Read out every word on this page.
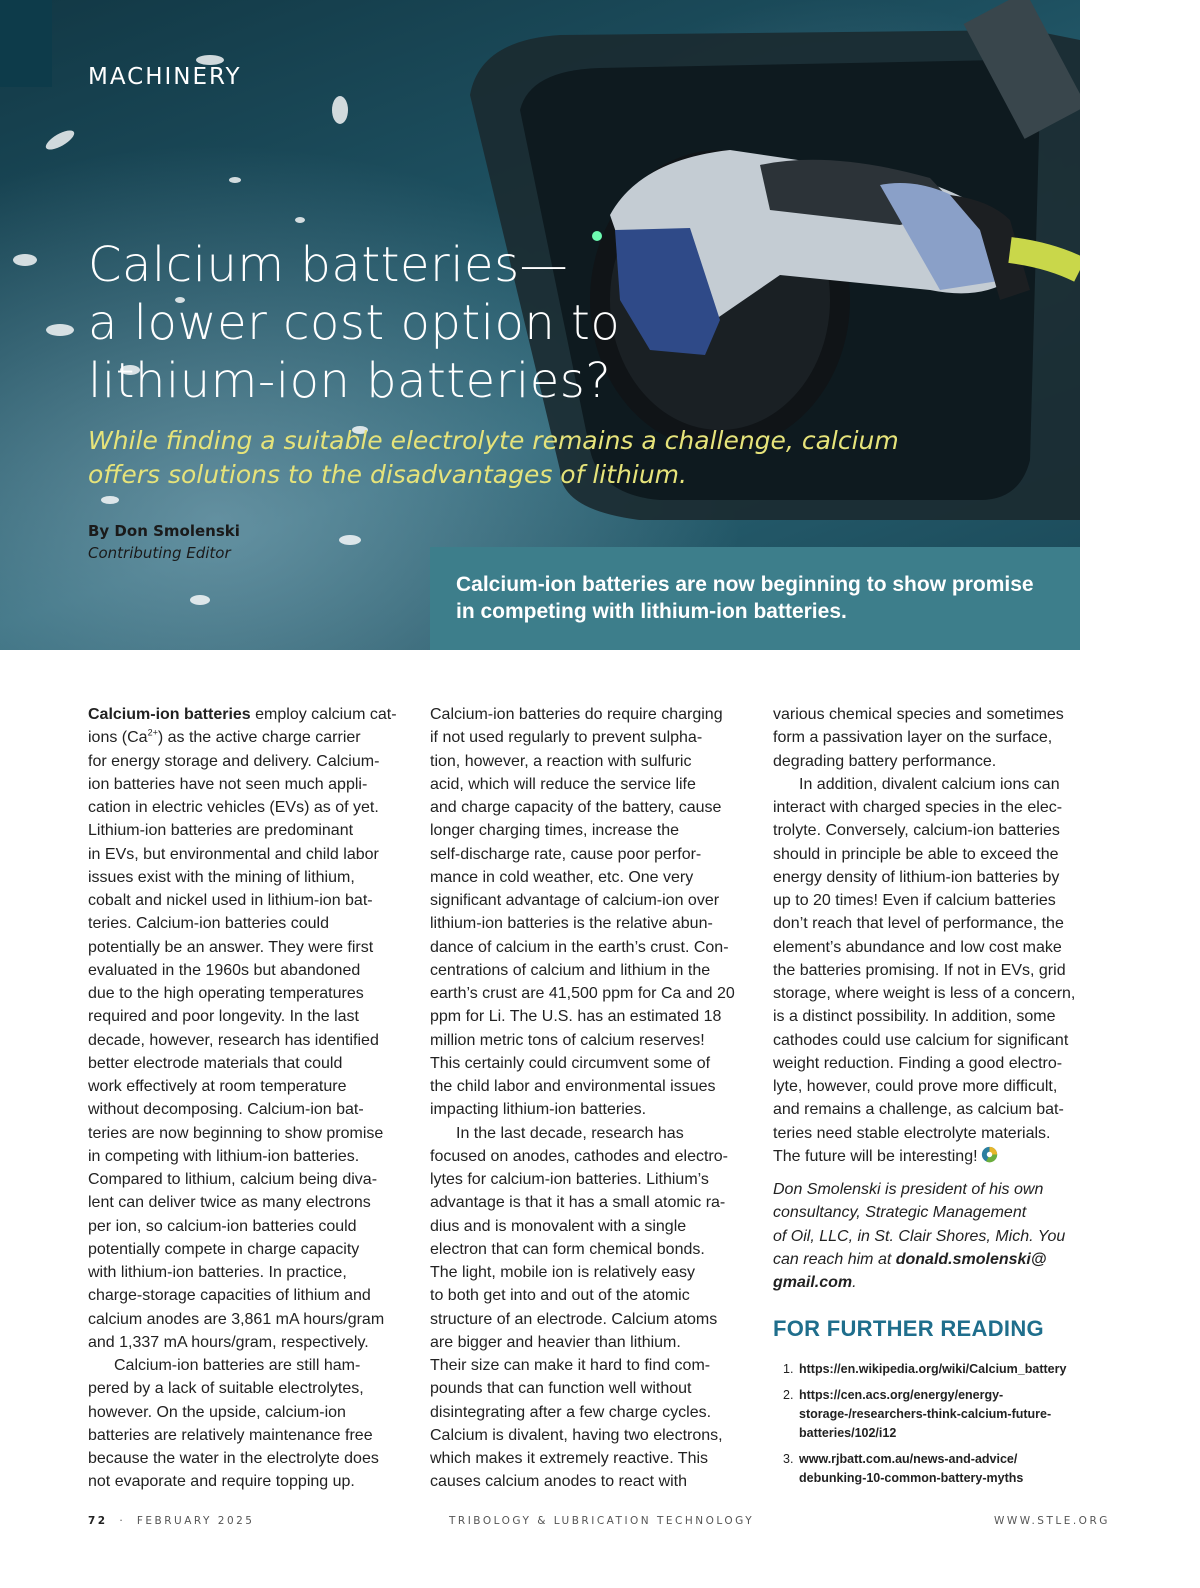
MACHINERY

Calcium batteries—
a lower cost option to
lithium-ion batteries?

While finding a suitable electrolyte remains a challenge, calcium
offers solutions to the disadvantages of lithium.

By Don Smolenski
Contributing Editor
Calcium-ion batteries are now beginning to show promise
in competing with lithium-ion batteries.
Calcium-ion batteries employ calcium cat-
ions $(Ca^{2+})$ as the active charge carrier
for energy storage and delivery. Calcium-
ion batteries have not seen much appli-
cation in electric vehicles (EVs) as of yet.
Lithium-ion batteries are predominant
in EVs, but environmental and child labor
issues exist with the mining of lithium,
cobalt and nickel used in lithium-ion bat-
teries. Calcium-ion batteries could
potentially be an answer. They were first
evaluated in the 1960s but abandoned
due to the high operating temperatures
required and poor longevity. In the last
decade, however, research has identified
better electrode materials that could
work effectively at room temperature
without decomposing. Calcium-ion bat-
teries are now beginning to show promise
in competing with lithium-ion batteries.
Compared to lithium, calcium being diva-
lent can deliver twice as many electrons
per ion, so calcium-ion batteries could
potentially compete in charge capacity
with lithium-ion batteries. In practice,
charge-storage capacities of lithium and
calcium anodes are 3,861 mA hours/gram
and 1,337 mA hours/gram, respectively.
Calcium-ion batteries are still ham-
pered by a lack of suitable electrolytes,
however. On the upside, calcium-ion
batteries are relatively maintenance free
because the water in the electrolyte does
not evaporate and require topping up.
Calcium-ion batteries do require charging
if not used regularly to prevent sulpha-
tion, however, a reaction with sulfuric
acid, which will reduce the service life
and charge capacity of the battery, cause
longer charging times, increase the
self-discharge rate, cause poor perfor-
mance in cold weather, etc. One very
significant advantage of calcium-ion over
lithium-ion batteries is the relative abun-
dance of calcium in the earth’s crust. Con-
centrations of calcium and lithium in the
earth’s crust are 41,500 ppm for Ca and 20
ppm for Li. The U.S. has an estimated 18
million metric tons of calcium reserves!
This certainly could circumvent some of
the child labor and environmental issues
impacting lithium-ion batteries.
In the last decade, research has
focused on anodes, cathodes and electro-
lytes for calcium-ion batteries. Lithium’s
advantage is that it has a small atomic ra-
dius and is monovalent with a single
electron that can form chemical bonds.
The light, mobile ion is relatively easy
to both get into and out of the atomic
structure of an electrode. Calcium atoms
are bigger and heavier than lithium.
Their size can make it hard to find com-
pounds that can function well without
disintegrating after a few charge cycles.
Calcium is divalent, having two electrons,
which makes it extremely reactive. This
causes calcium anodes to react with
various chemical species and sometimes
form a passivation layer on the surface,
degrading battery performance.
In addition, divalent calcium ions can
interact with charged species in the elec-
trolyte. Conversely, calcium-ion batteries
should in principle be able to exceed the
energy density of lithium-ion batteries by
up to 20 times! Even if calcium batteries
don’t reach that level of performance, the
element’s abundance and low cost make
the batteries promising. If not in EVs, grid
storage, where weight is less of a concern,
is a distinct possibility. In addition, some
cathodes could use calcium for significant
weight reduction. Finding a good electro-
lyte, however, could prove more difficult,
and remains a challenge, as calcium bat-
teries need stable electrolyte materials.
The future will be interesting!
Don Smolenski is president of his own
consultancy, Strategic Management
of Oil, LLC, in St. Clair Shores, Mich. You
can reach him at donald.smolenski@
gmail.com.
FOR FURTHER READING
1. https://en.wikipedia.org/wiki/Calcium_battery
2. https://cen.acs.org/energy/energy-
storage-/researchers-think-calcium-future-
batteries/102/i12
3. www.rjbatt.com.au/news-and-advice/
debunking-10-common-battery-myths
72 · FEBRUARY 2025	TRIBOLOGY & LUBRICATION TECHNOLOGY	WWW.STLE.ORG
